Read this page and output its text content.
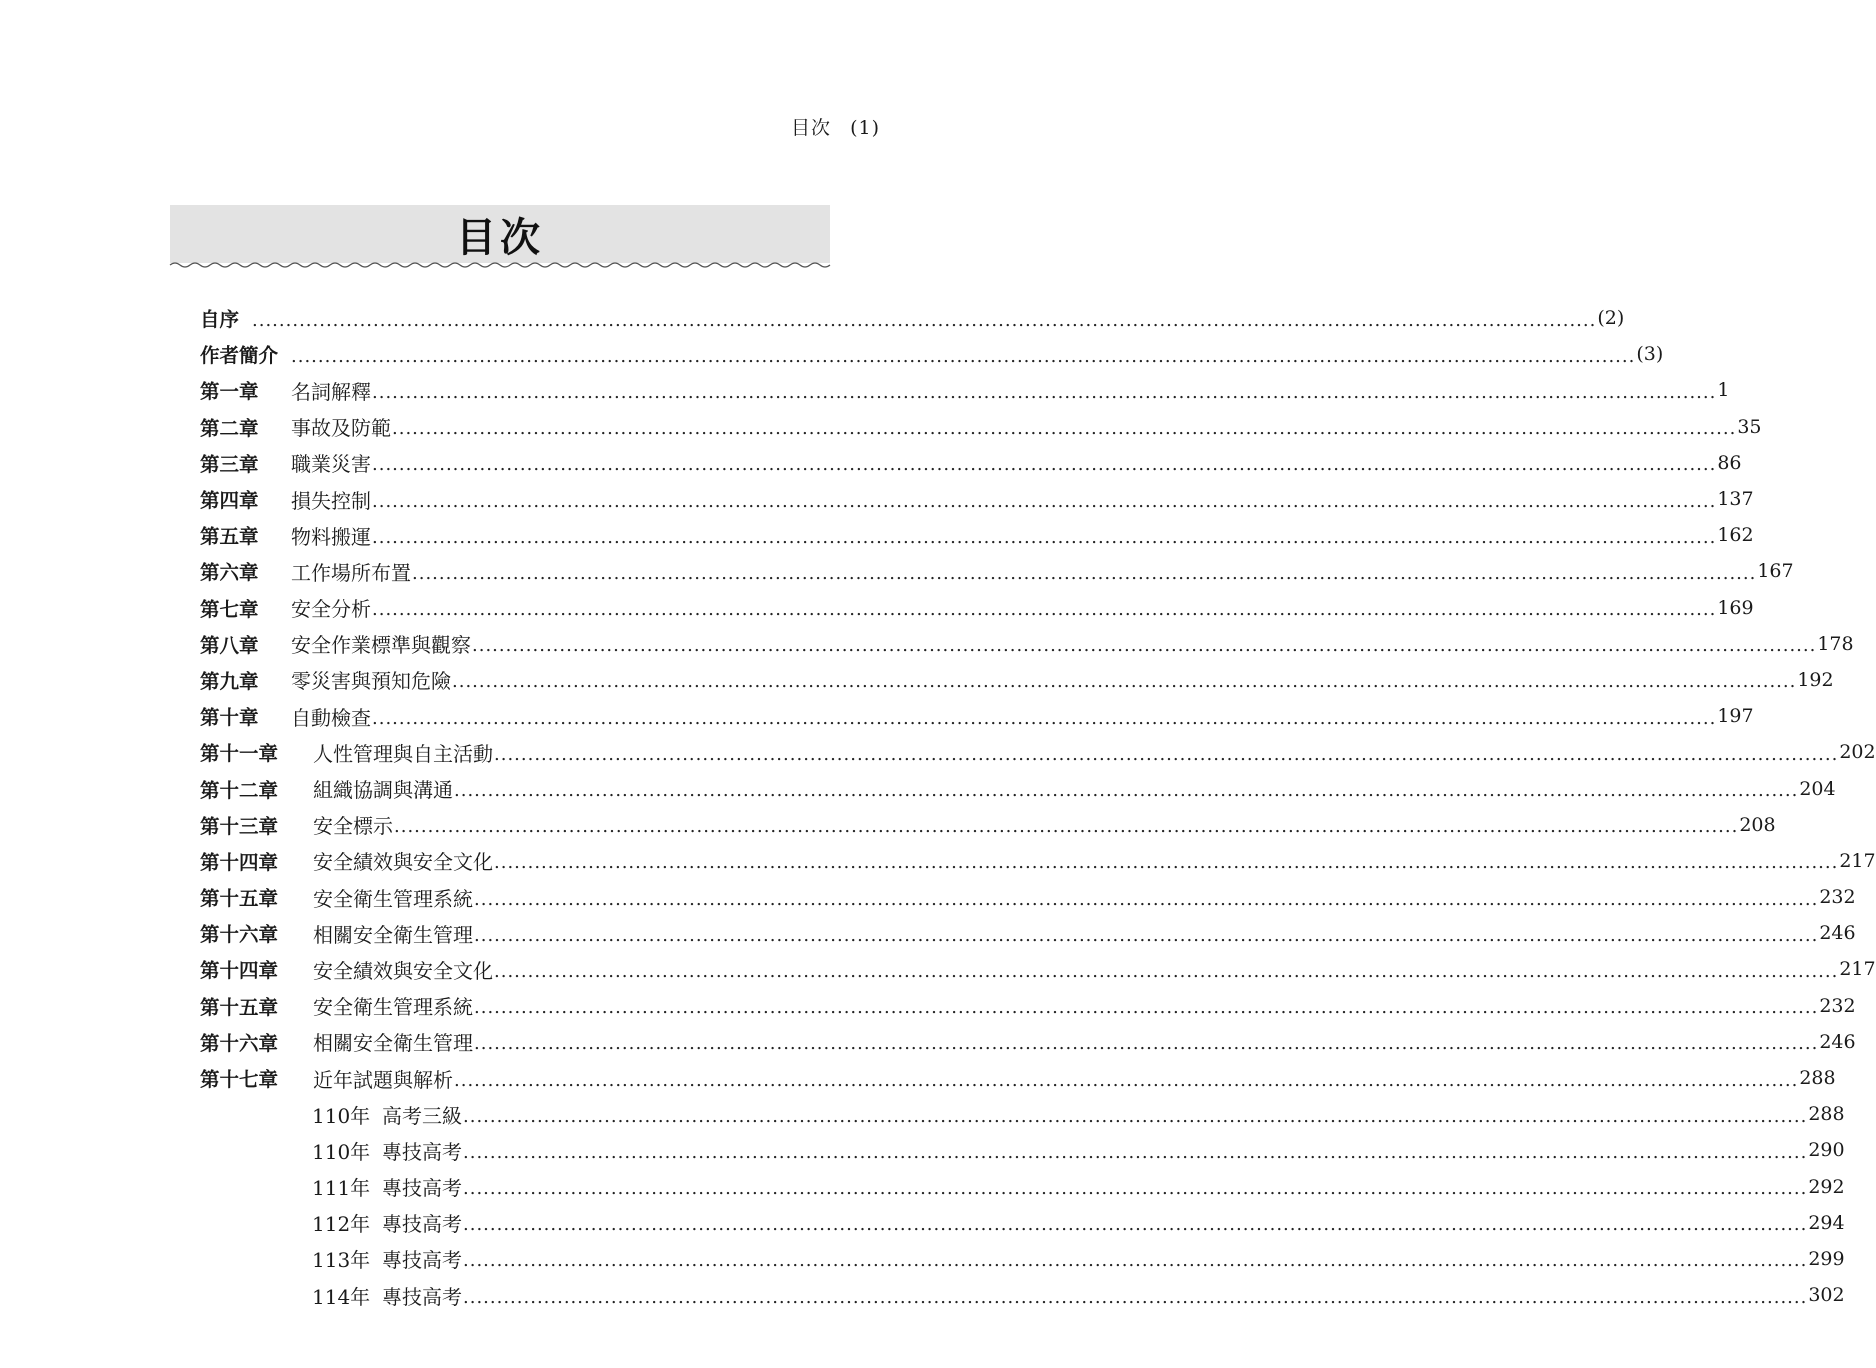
目次 (1)
目次
自序 ........................................................................................................................................................................................................ (2)
作者簡介 ........................................................................................................................................................................................................ (3)
第一章	名詞解釋 ........................................................................................................................................................................................................ 1
第二章	事故及防範 ........................................................................................................................................................................................................ 35
第三章	職業災害 ........................................................................................................................................................................................................ 86
第四章	損失控制 ........................................................................................................................................................................................................ 137
第五章	物料搬運 ........................................................................................................................................................................................................ 162
第六章	工作場所布置 ........................................................................................................................................................................................................ 167
第七章	安全分析 ........................................................................................................................................................................................................ 169
第八章	安全作業標準與觀察 ........................................................................................................................................................................................................ 178
第九章	零災害與預知危險 ........................................................................................................................................................................................................ 192
第十章	自動檢查 ........................................................................................................................................................................................................ 197
第十一章	人性管理與自主活動 ........................................................................................................................................................................................................ 202
第十二章	組織協調與溝通 ........................................................................................................................................................................................................ 204
第十三章	安全標示 ........................................................................................................................................................................................................ 208
第十四章	安全績效與安全文化 ........................................................................................................................................................................................................ 217
第十五章	安全衛生管理系統 ........................................................................................................................................................................................................ 232
第十六章	相關安全衛生管理 ........................................................................................................................................................................................................ 246
第十四章	安全績效與安全文化 ........................................................................................................................................................................................................ 217
第十五章	安全衛生管理系統 ........................................................................................................................................................................................................ 232
第十六章	相關安全衛生管理 ........................................................................................................................................................................................................ 246
第十七章	近年試題與解析 ........................................................................................................................................................................................................ 288
110年 高考三級 ........................................................................................................................................................................................................ 288
110年 專技高考 ........................................................................................................................................................................................................ 290
111年 專技高考 ........................................................................................................................................................................................................ 292
112年 專技高考 ........................................................................................................................................................................................................ 294
113年 專技高考 ........................................................................................................................................................................................................ 299
114年 專技高考 ........................................................................................................................................................................................................ 302
